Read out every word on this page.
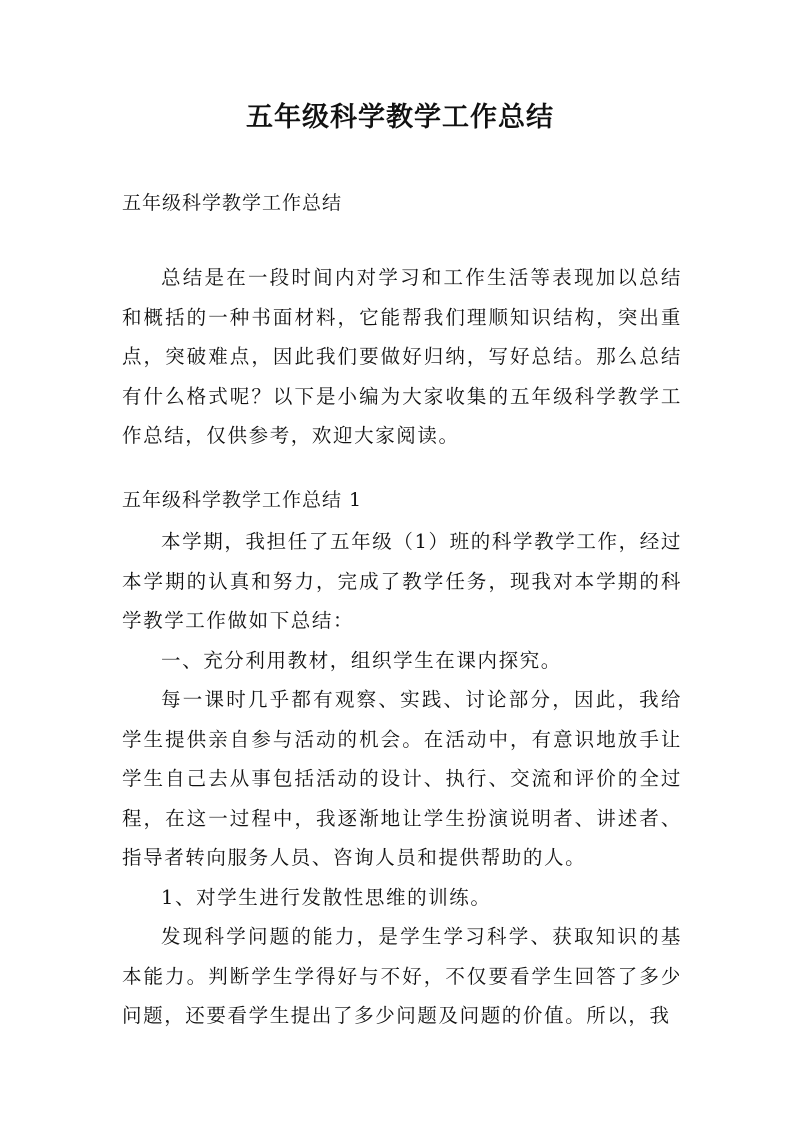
五年级科学教学工作总结

五年级科学教学工作总结

总结是在一段时间内对学习和工作生活等表现加以总结和概括的一种书面材料，它能帮我们理顺知识结构，突出重点，突破难点，因此我们要做好归纳，写好总结。那么总结有什么格式呢？以下是小编为大家收集的五年级科学教学工作总结，仅供参考，欢迎大家阅读。

五年级科学教学工作总结 1

本学期，我担任了五年级（1）班的科学教学工作，经过本学期的认真和努力，完成了教学任务，现我对本学期的科学教学工作做如下总结：

一、充分利用教材，组织学生在课内探究。

每一课时几乎都有观察、实践、讨论部分，因此，我给学生提供亲自参与活动的机会。在活动中，有意识地放手让学生自己去从事包括活动的设计、执行、交流和评价的全过程，在这一过程中，我逐渐地让学生扮演说明者、讲述者、指导者转向服务人员、咨询人员和提供帮助的人。

1、对学生进行发散性思维的训练。

发现科学问题的能力，是学生学习科学、获取知识的基本能力。判断学生学得好与不好，不仅要看学生回答了多少问题，还要看学生提出了多少问题及问题的价值。所以，我
